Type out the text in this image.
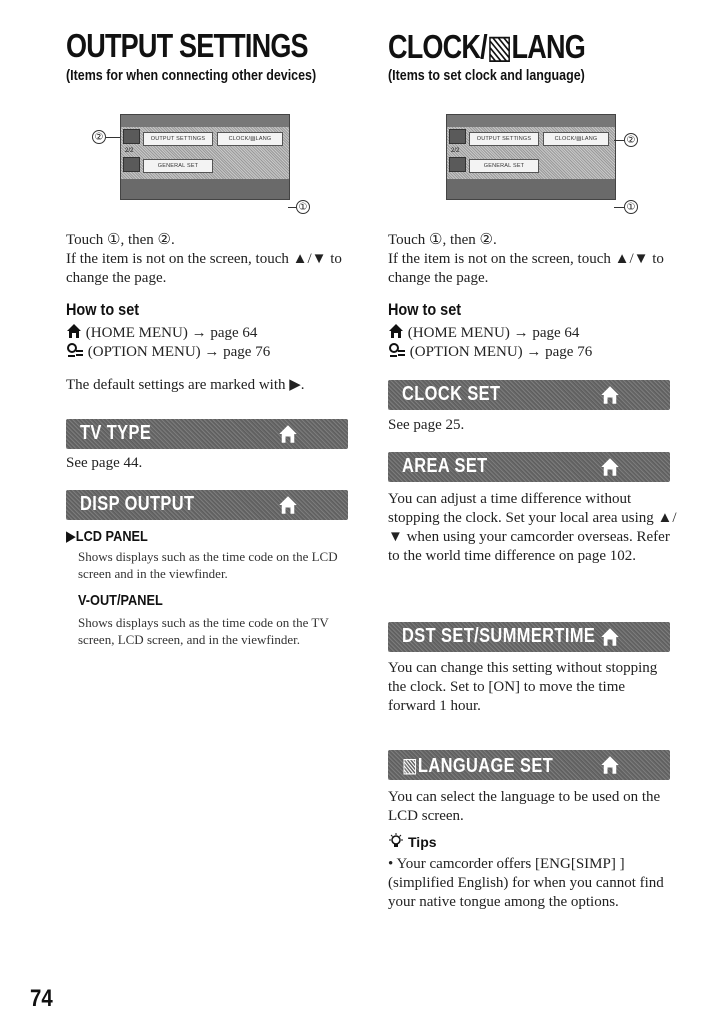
OUTPUT SETTINGS
(Items for when connecting other devices)
OUTPUT SETTINGS	CLOCK/▧LANG
2/2
GENERAL SET
②
①
Touch ①, then ②.
If the item is not on the screen, touch ▲/▼ to change the page.
How to set
(HOME MENU) → page 64
(OPTION MENU) → page 76
The default settings are marked with ▶.
TV TYPE
See page 44.
DISP OUTPUT
▶LCD PANEL
Shows displays such as the time code on the LCD screen and in the viewfinder.
V-OUT/PANEL
Shows displays such as the time code on the TV screen, LCD screen, and in the viewfinder.
CLOCK/▧LANG
(Items to set clock and language)
OUTPUT SETTINGS	CLOCK/▧LANG
2/2
GENERAL SET
②
①
Touch ①, then ②.
If the item is not on the screen, touch ▲/▼ to change the page.
How to set
(HOME MENU) → page 64
(OPTION MENU) → page 76
CLOCK SET
See page 25.
AREA SET
You can adjust a time difference without stopping the clock. Set your local area using ▲/▼ when using your camcorder overseas. Refer to the world time difference on page 102.
DST SET/SUMMERTIME
You can change this setting without stopping the clock. Set to [ON] to move the time forward 1 hour.
▧LANGUAGE SET
You can select the language to be used on the LCD screen.
Tips
• Your camcorder offers [ENG[SIMP] ] (simplified English) for when you cannot find your native tongue among the options.
74
